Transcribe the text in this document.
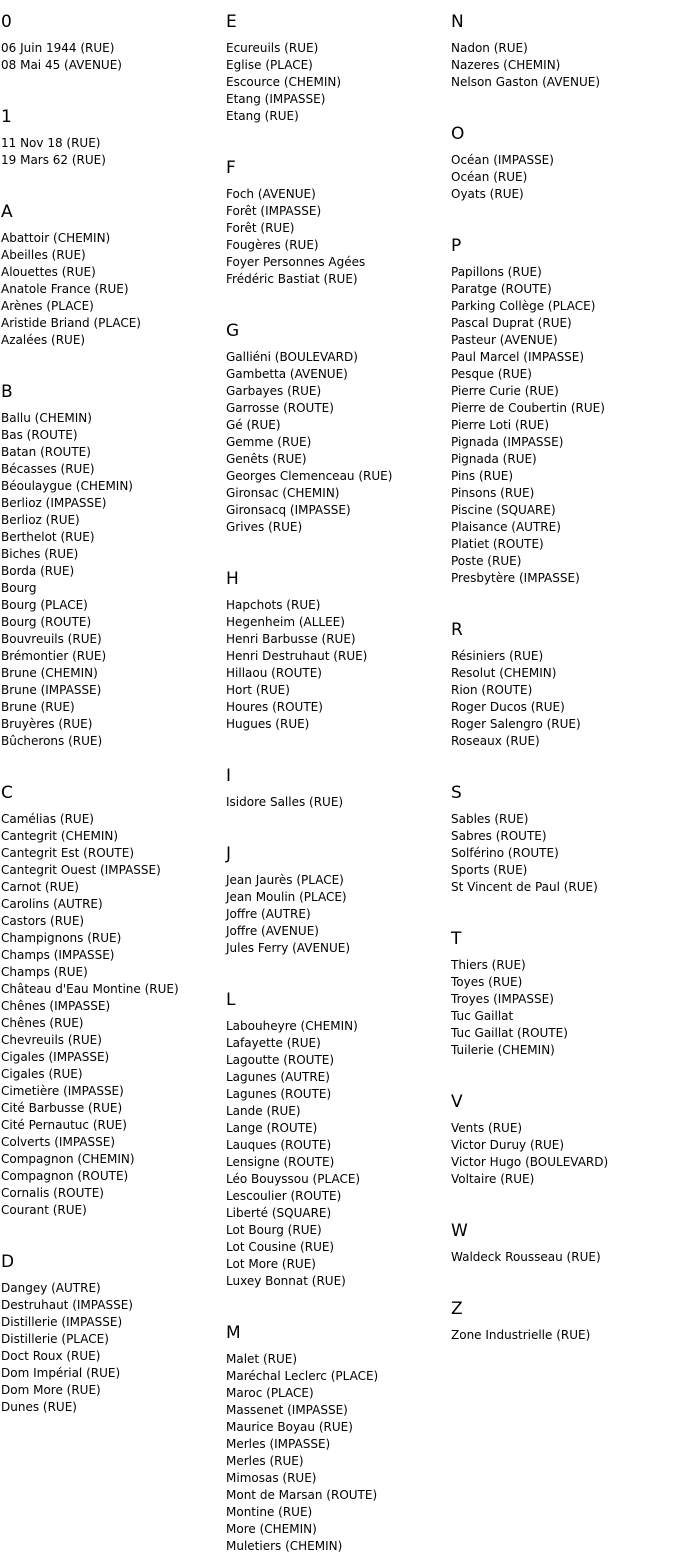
0
06 Juin 1944 (RUE)
08 Mai 45 (AVENUE)
1
11 Nov 18 (RUE)
19 Mars 62 (RUE)
A
Abattoir (CHEMIN)
Abeilles (RUE)
Alouettes (RUE)
Anatole France (RUE)
Arènes (PLACE)
Aristide Briand (PLACE)
Azalées (RUE)
B
Ballu (CHEMIN)
Bas (ROUTE)
Batan (ROUTE)
Bécasses (RUE)
Béoulaygue (CHEMIN)
Berlioz (IMPASSE)
Berlioz (RUE)
Berthelot (RUE)
Biches (RUE)
Borda (RUE)
Bourg
Bourg (PLACE)
Bourg (ROUTE)
Bouvreuils (RUE)
Brémontier (RUE)
Brune (CHEMIN)
Brune (IMPASSE)
Brune (RUE)
Bruyères (RUE)
Bûcherons (RUE)
C
Camélias (RUE)
Cantegrit (CHEMIN)
Cantegrit Est (ROUTE)
Cantegrit Ouest (IMPASSE)
Carnot (RUE)
Carolins (AUTRE)
Castors (RUE)
Champignons (RUE)
Champs (IMPASSE)
Champs (RUE)
Château d'Eau Montine (RUE)
Chênes (IMPASSE)
Chênes (RUE)
Chevreuils (RUE)
Cigales (IMPASSE)
Cigales (RUE)
Cimetière (IMPASSE)
Cité Barbusse (RUE)
Cité Pernautuc (RUE)
Colverts (IMPASSE)
Compagnon (CHEMIN)
Compagnon (ROUTE)
Cornalis (ROUTE)
Courant (RUE)
D
Dangey (AUTRE)
Destruhaut (IMPASSE)
Distillerie (IMPASSE)
Distillerie (PLACE)
Doct Roux (RUE)
Dom Impérial (RUE)
Dom More (RUE)
Dunes (RUE)
E
Ecureuils (RUE)
Eglise (PLACE)
Escource (CHEMIN)
Etang (IMPASSE)
Etang (RUE)
F
Foch (AVENUE)
Forêt (IMPASSE)
Forêt (RUE)
Fougères (RUE)
Foyer Personnes Agées
Frédéric Bastiat (RUE)
G
Galliéni (BOULEVARD)
Gambetta (AVENUE)
Garbayes (RUE)
Garrosse (ROUTE)
Gé (RUE)
Gemme (RUE)
Genêts (RUE)
Georges Clemenceau (RUE)
Gironsac (CHEMIN)
Gironsacq (IMPASSE)
Grives (RUE)
H
Hapchots (RUE)
Hegenheim (ALLEE)
Henri Barbusse (RUE)
Henri Destruhaut (RUE)
Hillaou (ROUTE)
Hort (RUE)
Houres (ROUTE)
Hugues (RUE)
I
Isidore Salles (RUE)
J
Jean Jaurès (PLACE)
Jean Moulin (PLACE)
Joffre (AUTRE)
Joffre (AVENUE)
Jules Ferry (AVENUE)
L
Labouheyre (CHEMIN)
Lafayette (RUE)
Lagoutte (ROUTE)
Lagunes (AUTRE)
Lagunes (ROUTE)
Lande (RUE)
Lange (ROUTE)
Lauques (ROUTE)
Lensigne (ROUTE)
Léo Bouyssou (PLACE)
Lescoulier (ROUTE)
Liberté (SQUARE)
Lot Bourg (RUE)
Lot Cousine (RUE)
Lot More (RUE)
Luxey Bonnat (RUE)
M
Malet (RUE)
Maréchal Leclerc (PLACE)
Maroc (PLACE)
Massenet (IMPASSE)
Maurice Boyau (RUE)
Merles (IMPASSE)
Merles (RUE)
Mimosas (RUE)
Mont de Marsan (ROUTE)
Montine (RUE)
More (CHEMIN)
Muletiers (CHEMIN)
N
Nadon (RUE)
Nazeres (CHEMIN)
Nelson Gaston (AVENUE)
O
Océan (IMPASSE)
Océan (RUE)
Oyats (RUE)
P
Papillons (RUE)
Paratge (ROUTE)
Parking Collège (PLACE)
Pascal Duprat (RUE)
Pasteur (AVENUE)
Paul Marcel (IMPASSE)
Pesque (RUE)
Pierre Curie (RUE)
Pierre de Coubertin (RUE)
Pierre Loti (RUE)
Pignada (IMPASSE)
Pignada (RUE)
Pins (RUE)
Pinsons (RUE)
Piscine (SQUARE)
Plaisance (AUTRE)
Platiet (ROUTE)
Poste (RUE)
Presbytère (IMPASSE)
R
Résiniers (RUE)
Resolut (CHEMIN)
Rion (ROUTE)
Roger Ducos (RUE)
Roger Salengro (RUE)
Roseaux (RUE)
S
Sables (RUE)
Sabres (ROUTE)
Solférino (ROUTE)
Sports (RUE)
St Vincent de Paul (RUE)
T
Thiers (RUE)
Toyes (RUE)
Troyes (IMPASSE)
Tuc Gaillat
Tuc Gaillat (ROUTE)
Tuilerie (CHEMIN)
V
Vents (RUE)
Victor Duruy (RUE)
Victor Hugo (BOULEVARD)
Voltaire (RUE)
W
Waldeck Rousseau (RUE)
Z
Zone Industrielle (RUE)
